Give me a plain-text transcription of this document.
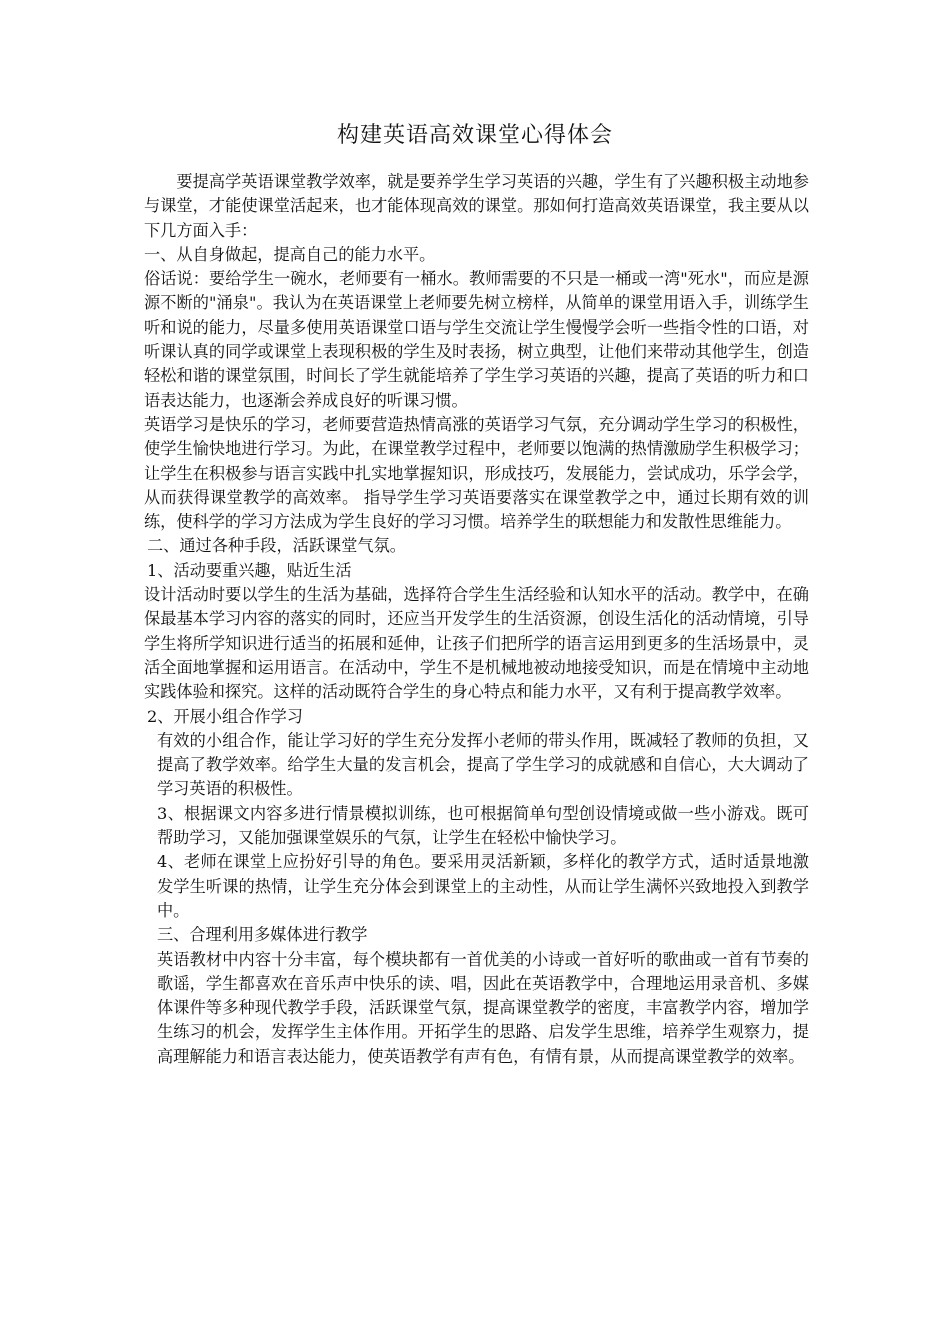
构建英语高效课堂心得体会

要提高学英语课堂教学效率，就是要养学生学习英语的兴趣，学生有了兴趣积极主动地参与课堂，才能使课堂活起来，也才能体现高效的课堂。那如何打造高效英语课堂，我主要从以下几方面入手：

一、从自身做起，提高自己的能力水平。

俗话说：要给学生一碗水，老师要有一桶水。教师需要的不只是一桶或一湾"死水"，而应是源源不断的"涌泉"。我认为在英语课堂上老师要先树立榜样，从简单的课堂用语入手，训练学生听和说的能力，尽量多使用英语课堂口语与学生交流让学生慢慢学会听一些指令性的口语，对听课认真的同学或课堂上表现积极的学生及时表扬，树立典型，让他们来带动其他学生，创造轻松和谐的课堂氛围，时间长了学生就能培养了学生学习英语的兴趣，提高了英语的听力和口语表达能力，也逐渐会养成良好的听课习惯。

英语学习是快乐的学习，老师要营造热情高涨的英语学习气氛，充分调动学生学习的积极性，使学生愉快地进行学习。为此，在课堂教学过程中，老师要以饱满的热情激励学生积极学习；让学生在积极参与语言实践中扎实地掌握知识，形成技巧，发展能力，尝试成功，乐学会学，从而获得课堂教学的高效率。 指导学生学习英语要落实在课堂教学之中，通过长期有效的训练，使科学的学习方法成为学生良好的学习习惯。培养学生的联想能力和发散性思维能力。

二、通过各种手段，活跃课堂气氛。

1、活动要重兴趣，贴近生活

设计活动时要以学生的生活为基础，选择符合学生生活经验和认知水平的活动。教学中，在确保最基本学习内容的落实的同时，还应当开发学生的生活资源，创设生活化的活动情境，引导学生将所学知识进行适当的拓展和延伸，让孩子们把所学的语言运用到更多的生活场景中，灵活全面地掌握和运用语言。在活动中，学生不是机械地被动地接受知识，而是在情境中主动地实践体验和探究。这样的活动既符合学生的身心特点和能力水平，又有利于提高教学效率。

2、开展小组合作学习

有效的小组合作，能让学习好的学生充分发挥小老师的带头作用，既减轻了教师的负担，又提高了教学效率。给学生大量的发言机会，提高了学生学习的成就感和自信心，大大调动了学习英语的积极性。

3、根据课文内容多进行情景模拟训练，也可根据简单句型创设情境或做一些小游戏。既可帮助学习，又能加强课堂娱乐的气氛，让学生在轻松中愉快学习。

4、老师在课堂上应扮好引导的角色。要采用灵活新颖，多样化的教学方式，适时适景地激发学生听课的热情，让学生充分体会到课堂上的主动性，从而让学生满怀兴致地投入到教学中。

三、合理利用多媒体进行教学

英语教材中内容十分丰富，每个模块都有一首优美的小诗或一首好听的歌曲或一首有节奏的歌谣，学生都喜欢在音乐声中快乐的读、唱，因此在英语教学中，合理地运用录音机、多媒体课件等多种现代教学手段，活跃课堂气氛，提高课堂教学的密度，丰富教学内容，增加学生练习的机会，发挥学生主体作用。开拓学生的思路、启发学生思维，培养学生观察力，提高理解能力和语言表达能力，使英语教学有声有色，有情有景，从而提高课堂教学的效率。
